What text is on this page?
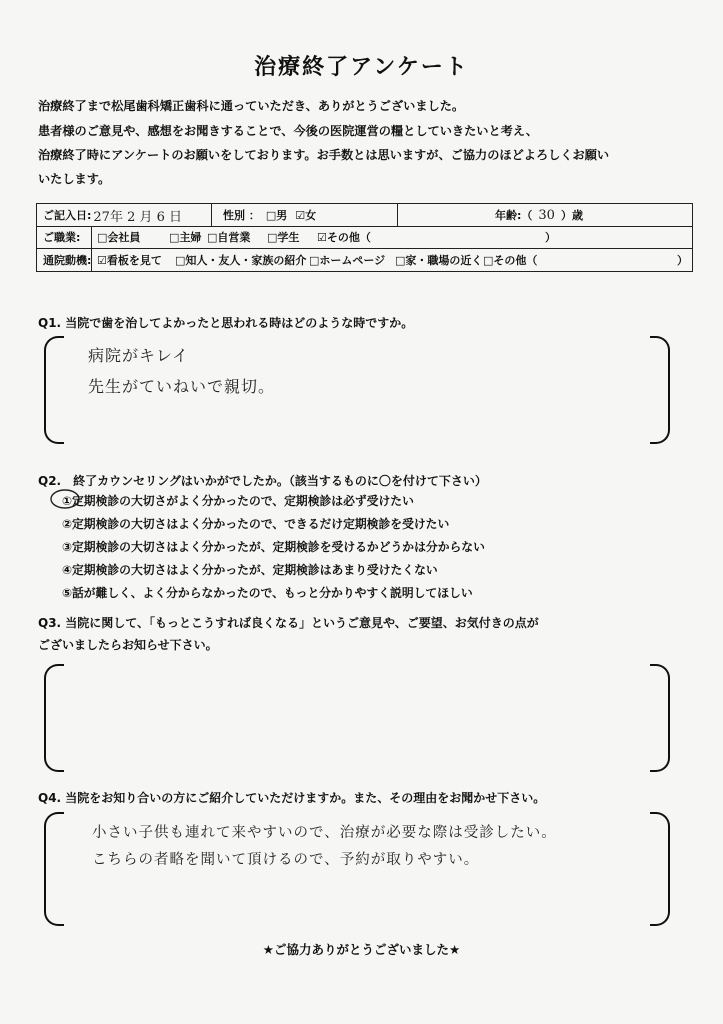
治療終了アンケート
治療終了まで松尾歯科矯正歯科に通っていただき、ありがとうございました。
患者様のご意見や、感想をお聞きすることで、今後の医院運営の糧としていきたいと考え、
治療終了時にアンケートのお願いをしております。お手数とは思いますが、ご協力のほどよろしくお願い
いたします。
ご記入日: 27年 2 月 6 日	性別 ： □男 ☑女	年齢:（ 30 ）歳
ご職業: □会社員	□主婦 □自営業 □学生 ☑その他（	）
通院動機: ☑看板を見て □知人・友人・家族の紹介 □ホームページ □家・職場の近く □その他（	）
Q1. 当院で歯を治してよかったと思われる時はどのような時ですか。
病院がキレイ
先生がていねいで親切。
Q2.　終了カウンセリングはいかがでしたか。（該当するものに〇を付けて下さい）
①定期検診の大切さがよく分かったので、定期検診は必ず受けたい
②定期検診の大切さはよく分かったので、できるだけ定期検診を受けたい
③定期検診の大切さはよく分かったが、定期検診を受けるかどうかは分からない
④定期検診の大切さはよく分かったが、定期検診はあまり受けたくない
⑤話が難しく、よく分からなかったので、もっと分かりやすく説明してほしい
Q3. 当院に関して、「もっとこうすれば良くなる」というご意見や、ご要望、お気付きの点が
ございましたらお知らせ下さい。
Q4. 当院をお知り合いの方にご紹介していただけますか。また、その理由をお聞かせ下さい。
小さい子供も連れて来やすいので、治療が必要な際は受診したい。
こちらの者略を聞いて頂けるので、予約が取りやすい。
★ご協力ありがとうございました★
